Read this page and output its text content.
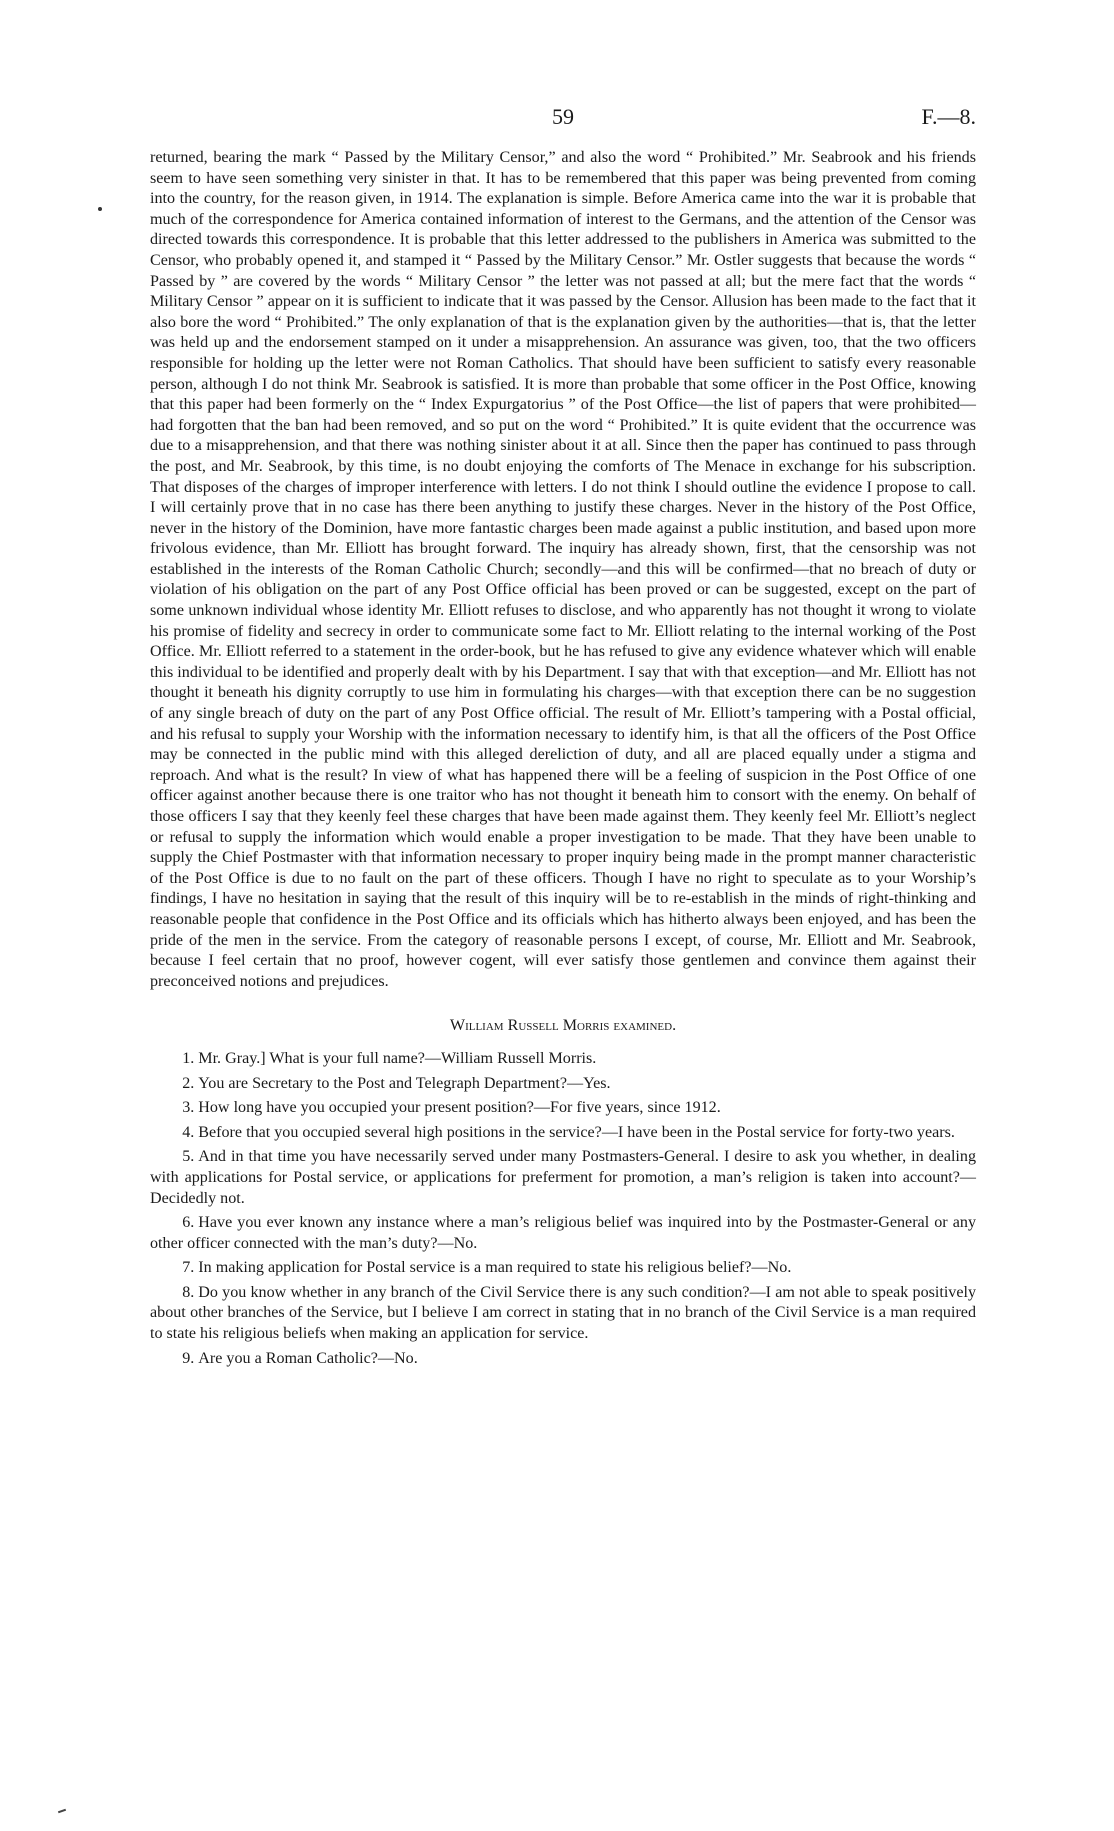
59	F.—8.

returned, bearing the mark “ Passed by the Military Censor,” and also the word “ Prohibited.” Mr. Seabrook and his friends seem to have seen something very sinister in that. It has to be remembered that this paper was being prevented from coming into the country, for the reason given, in 1914. The explanation is simple. Before America came into the war it is probable that much of the correspondence for America contained information of interest to the Germans, and the attention of the Censor was directed towards this correspondence. It is probable that this letter addressed to the publishers in America was submitted to the Censor, who probably opened it, and stamped it “ Passed by the Military Censor.” Mr. Ostler suggests that because the words “ Passed by ” are covered by the words “ Military Censor ” the letter was not passed at all; but the mere fact that the words “ Military Censor ” appear on it is sufficient to indicate that it was passed by the Censor. Allusion has been made to the fact that it also bore the word “ Prohibited.” The only explanation of that is the explanation given by the authorities—that is, that the letter was held up and the endorsement stamped on it under a misapprehension. An assurance was given, too, that the two officers responsible for holding up the letter were not Roman Catholics. That should have been sufficient to satisfy every reasonable person, although I do not think Mr. Seabrook is satisfied. It is more than probable that some officer in the Post Office, knowing that this paper had been formerly on the “ Index Expurgatorius ” of the Post Office—the list of papers that were prohibited—had forgotten that the ban had been removed, and so put on the word “ Prohibited.” It is quite evident that the occurrence was due to a misapprehension, and that there was nothing sinister about it at all. Since then the paper has continued to pass through the post, and Mr. Seabrook, by this time, is no doubt enjoying the comforts of The Menace in exchange for his subscription. That disposes of the charges of improper interference with letters. I do not think I should outline the evidence I propose to call. I will certainly prove that in no case has there been anything to justify these charges. Never in the history of the Post Office, never in the history of the Dominion, have more fantastic charges been made against a public institution, and based upon more frivolous evidence, than Mr. Elliott has brought forward. The inquiry has already shown, first, that the censorship was not established in the interests of the Roman Catholic Church; secondly—and this will be confirmed—that no breach of duty or violation of his obligation on the part of any Post Office official has been proved or can be suggested, except on the part of some unknown individual whose identity Mr. Elliott refuses to disclose, and who apparently has not thought it wrong to violate his promise of fidelity and secrecy in order to communicate some fact to Mr. Elliott relating to the internal working of the Post Office. Mr. Elliott referred to a statement in the order-book, but he has refused to give any evidence whatever which will enable this individual to be identified and properly dealt with by his Department. I say that with that exception—and Mr. Elliott has not thought it beneath his dignity corruptly to use him in formulating his charges—with that exception there can be no suggestion of any single breach of duty on the part of any Post Office official. The result of Mr. Elliott’s tampering with a Postal official, and his refusal to supply your Worship with the information necessary to identify him, is that all the officers of the Post Office may be connected in the public mind with this alleged dereliction of duty, and all are placed equally under a stigma and reproach. And what is the result? In view of what has happened there will be a feeling of suspicion in the Post Office of one officer against another because there is one traitor who has not thought it beneath him to consort with the enemy. On behalf of those officers I say that they keenly feel these charges that have been made against them. They keenly feel Mr. Elliott’s neglect or refusal to supply the information which would enable a proper investigation to be made. That they have been unable to supply the Chief Postmaster with that information necessary to proper inquiry being made in the prompt manner characteristic of the Post Office is due to no fault on the part of these officers. Though I have no right to speculate as to your Worship’s findings, I have no hesitation in saying that the result of this inquiry will be to re-establish in the minds of right-thinking and reasonable people that confidence in the Post Office and its officials which has hitherto always been enjoyed, and has been the pride of the men in the service. From the category of reasonable persons I except, of course, Mr. Elliott and Mr. Seabrook, because I feel certain that no proof, however cogent, will ever satisfy those gentlemen and convince them against their preconceived notions and prejudices.

William Russell Morris examined.
1. Mr. Gray.] What is your full name?—William Russell Morris.
2. You are Secretary to the Post and Telegraph Department?—Yes.
3. How long have you occupied your present position?—For five years, since 1912.
4. Before that you occupied several high positions in the service?—I have been in the Postal service for forty-two years.
5. And in that time you have necessarily served under many Postmasters-General. I desire to ask you whether, in dealing with applications for Postal service, or applications for preferment for promotion, a man’s religion is taken into account?—Decidedly not.
6. Have you ever known any instance where a man’s religious belief was inquired into by the Postmaster-General or any other officer connected with the man’s duty?—No.
7. In making application for Postal service is a man required to state his religious belief?—No.
8. Do you know whether in any branch of the Civil Service there is any such condition?—I am not able to speak positively about other branches of the Service, but I believe I am correct in stating that in no branch of the Civil Service is a man required to state his religious beliefs when making an application for service.
9. Are you a Roman Catholic?—No.
